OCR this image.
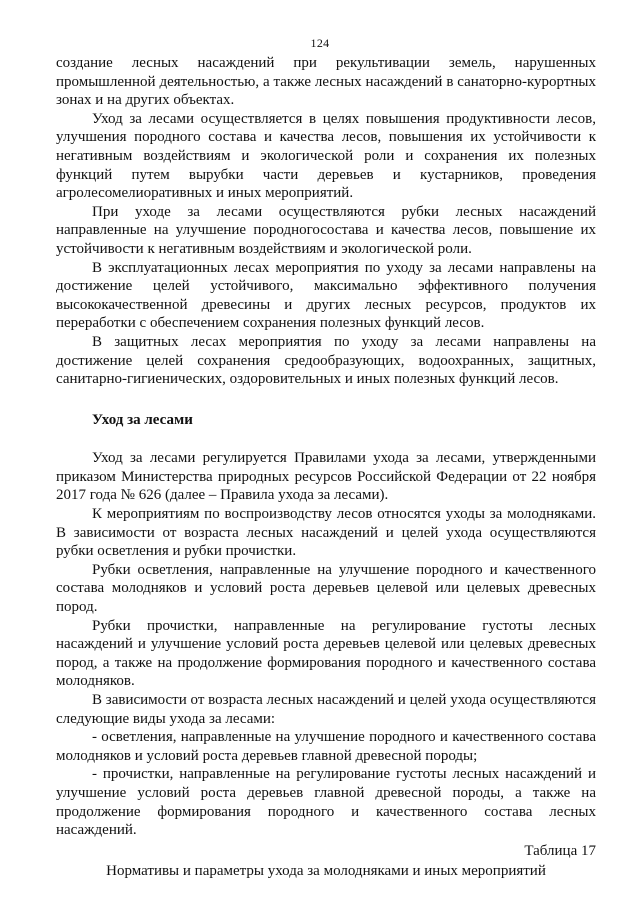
124

создание лесных насаждений при рекультивации земель, нарушенных промышленной деятельностью, а также лесных насаждений в санаторно-курортных зонах и на других объектах.

Уход за лесами осуществляется в целях повышения продуктивности лесов, улучшения породного состава и качества лесов, повышения их устойчивости к негативным воздействиям и экологической роли и сохранения их полезных функций путем вырубки части деревьев и кустарников, проведения агролесомелиоративных и иных мероприятий.

При уходе за лесами осуществляются рубки лесных насаждений направленные на улучшение породногосостава и качества лесов, повышение их устойчивости к негативным воздействиям и экологической роли.

В эксплуатационных лесах мероприятия по уходу за лесами направлены на достижение целей устойчивого, максимально эффективного получения высококачественной древесины и других лесных ресурсов, продуктов их переработки с обеспечением сохранения полезных функций лесов.

В защитных лесах мероприятия по уходу за лесами направлены на достижение целей сохранения средообразующих, водоохранных, защитных, санитарно-гигиенических, оздоровительных и иных полезных функций лесов.

Уход за лесами

Уход за лесами регулируется Правилами ухода за лесами, утвержденными приказом Министерства природных ресурсов Российской Федерации от 22 ноября 2017 года № 626 (далее – Правила ухода за лесами).

К мероприятиям по воспроизводству лесов относятся уходы за молодняками. В зависимости от возраста лесных насаждений и целей ухода осуществляются рубки осветления и рубки прочистки.

Рубки осветления, направленные на улучшение породного и качественного состава молодняков и условий роста деревьев целевой или целевых древесных пород.

Рубки прочистки, направленные на регулирование густоты лесных насаждений и улучшение условий роста деревьев целевой или целевых древесных пород, а также на продолжение формирования породного и качественного состава молодняков.

В зависимости от возраста лесных насаждений и целей ухода осуществляются следующие виды ухода за лесами:

- осветления, направленные на улучшение породного и качественного состава молодняков и условий роста деревьев главной древесной породы;

- прочистки, направленные на регулирование густоты лесных насаждений и улучшение условий роста деревьев главной древесной породы, а также на продолжение формирования породного и качественного состава лесных насаждений.

Таблица 17

Нормативы и параметры ухода за молодняками и иных мероприятий
